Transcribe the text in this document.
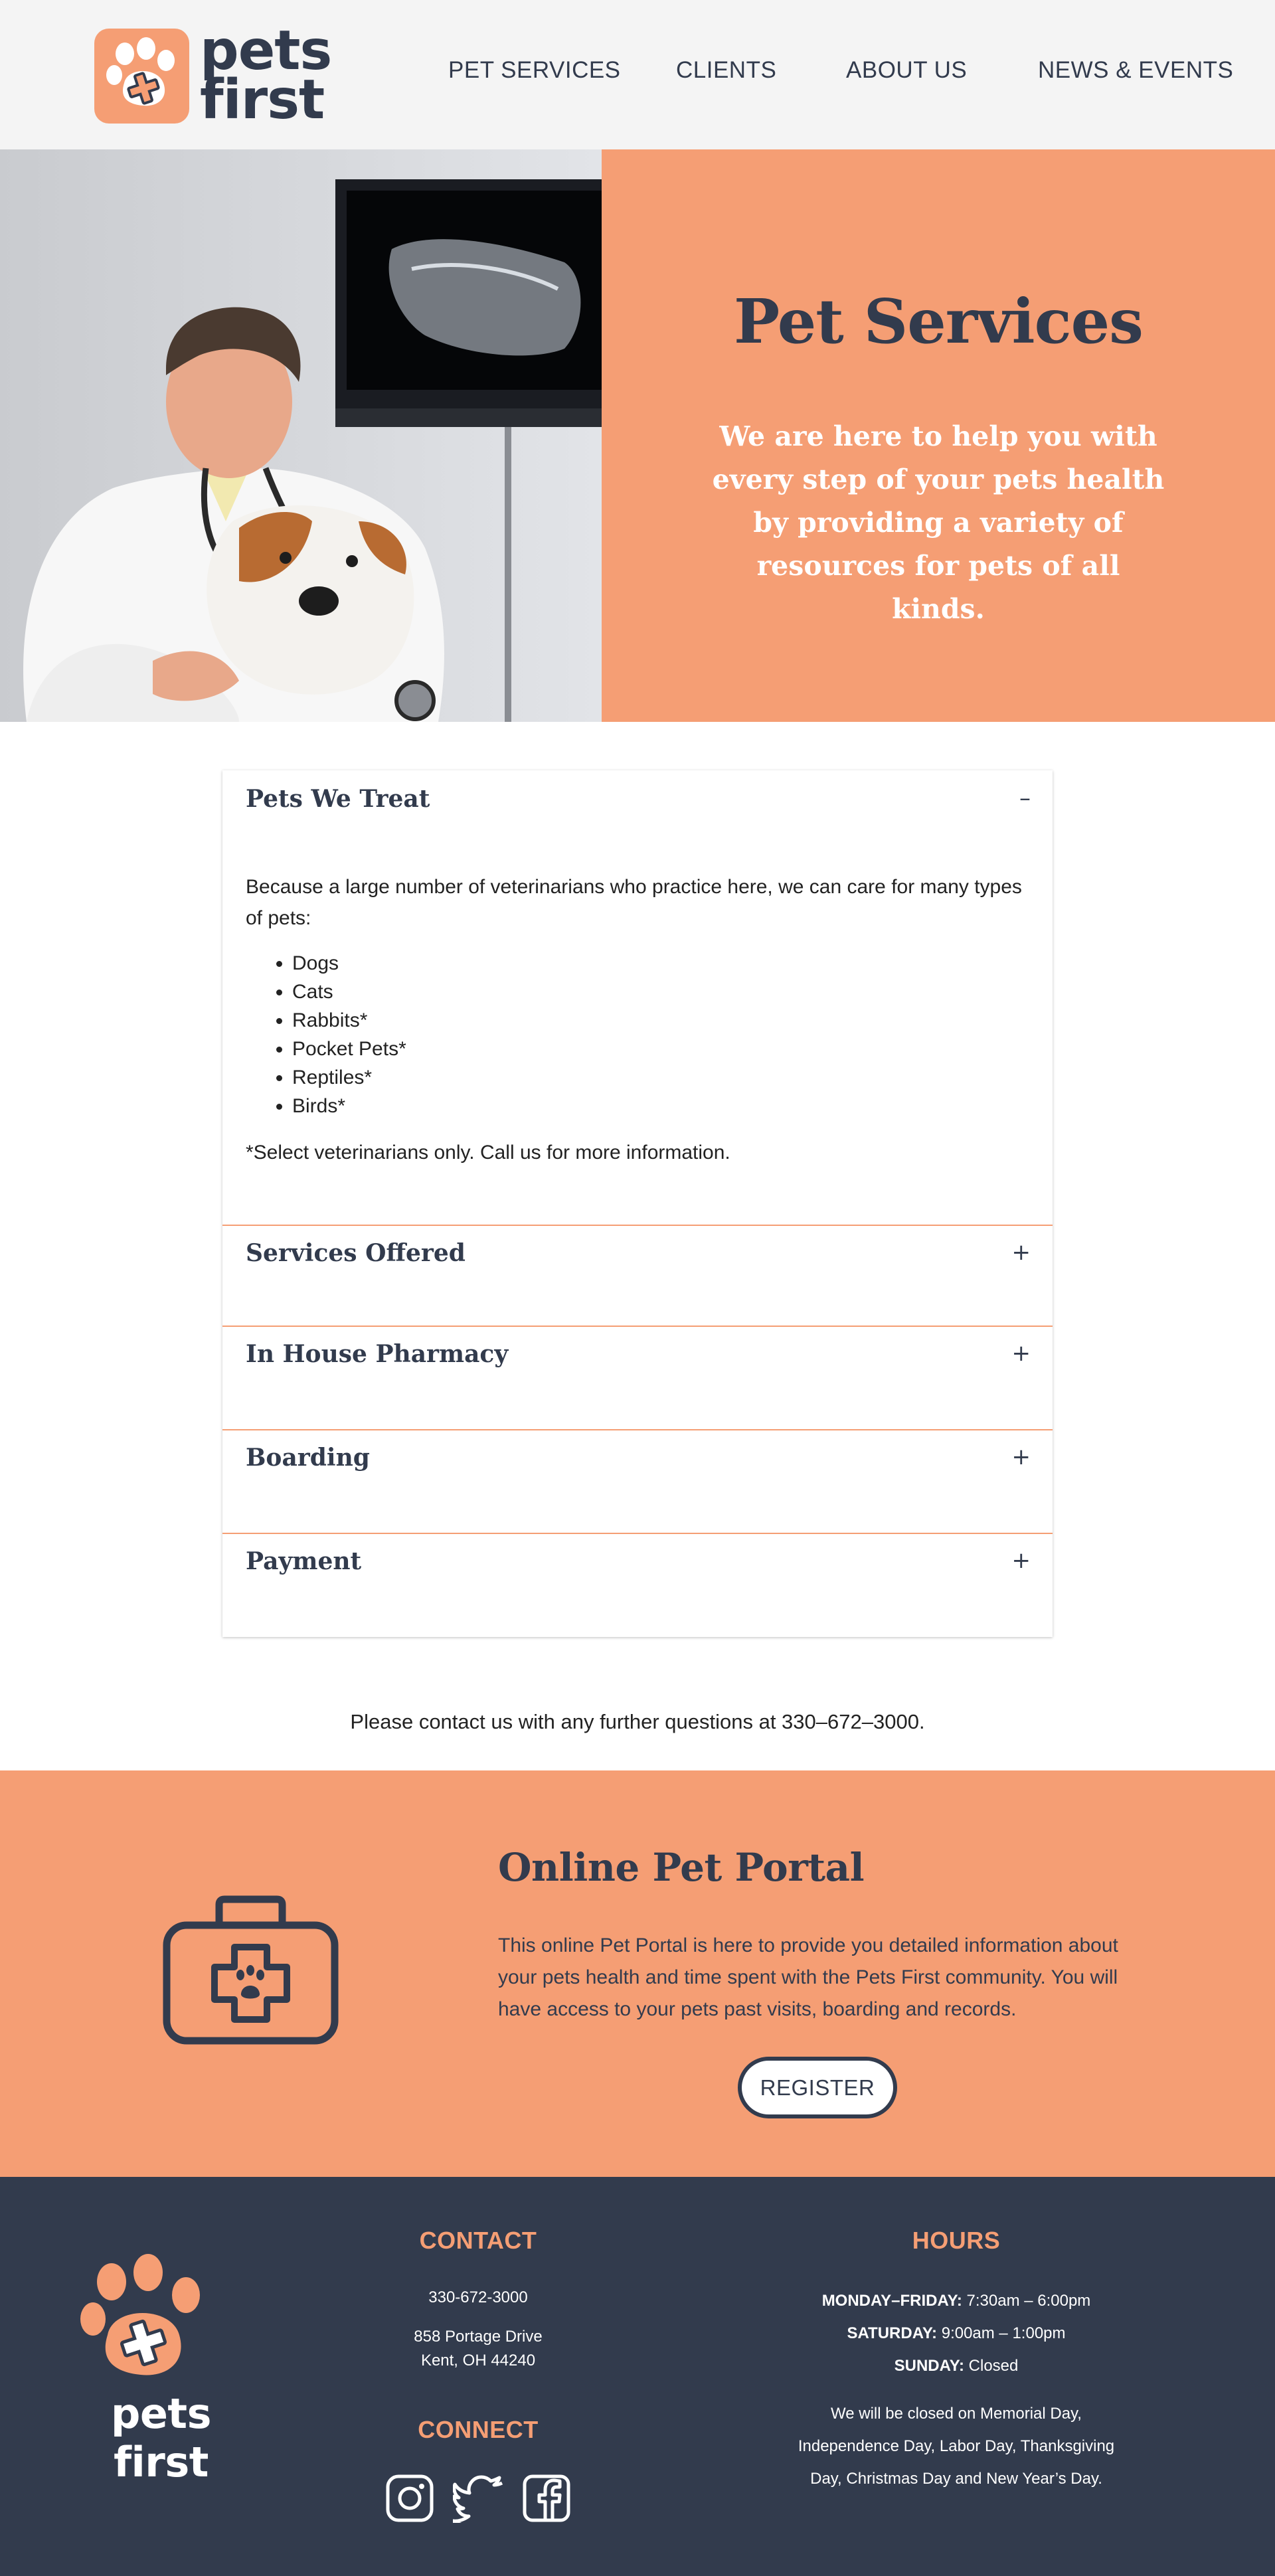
pets
first	PET SERVICES CLIENTS	ABOUT US	NEWS & EVENTS
Pet Services
We are here to help you with every step of your pets health by providing a variety of resources for pets of all kinds.
Pets We Treat	–

Because a large number of veterinarians who practice here, we can care for many types of pets:

• Dogs
• Cats
• Rabbits*
• Pocket Pets*
• Reptiles*
• Birds*

*Select veterinarians only. Call us for more information.

Services Offered	+
In House Pharmacy	+
Boarding	+
Payment	+
Please contact us with any further questions at 330–672–3000.
Online Pet Portal
This online Pet Portal is here to provide you detailed information about your pets health and time spent with the Pets First community. You will have access to your pets past visits, boarding and records.
REGISTER
pets first
CONTACT
330-672-3000
858 Portage Drive
Kent, OH 44240
CONNECT
HOURS
MONDAY–FRIDAY: 7:30am – 6:00pm
SATURDAY: 9:00am – 1:00pm
SUNDAY: Closed
We will be closed on Memorial Day, Independence Day, Labor Day, Thanksgiving Day, Christmas Day and New Year’s Day.
